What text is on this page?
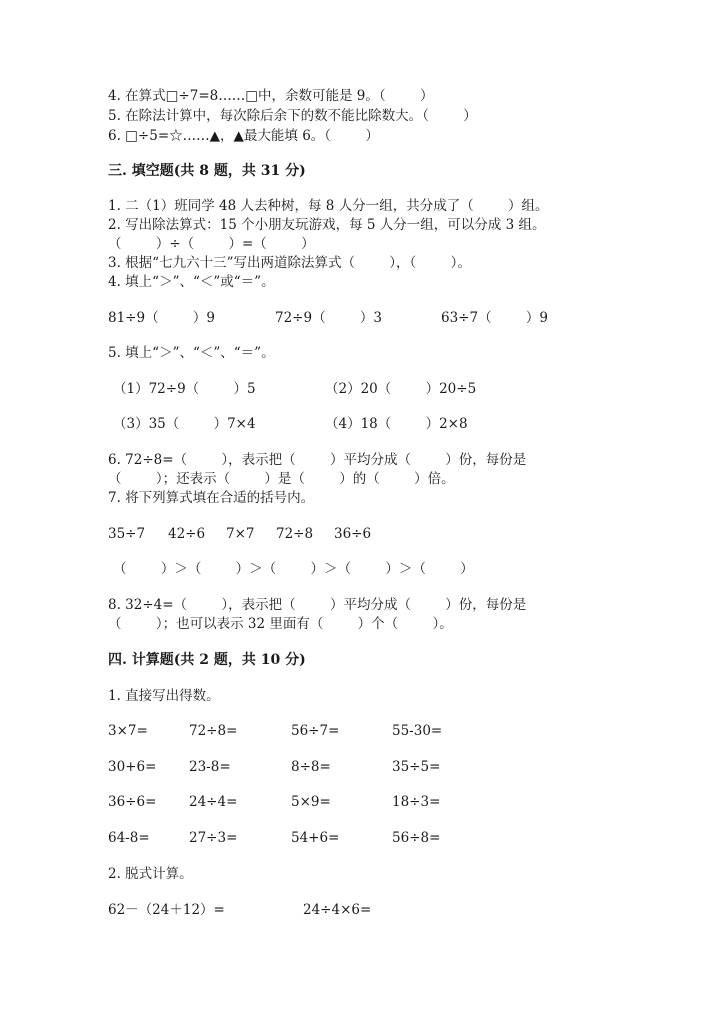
4. 在算式□÷7=8……□中，余数可能是 9。（        ）
5. 在除法计算中，每次除后余下的数不能比除数大。（        ）
6. □÷5=☆……▲，▲最大能填 6。（        ）
三. 填空题(共 8 题，共 31 分)
1. 二（1）班同学 48 人去种树，每 8 人分一组，共分成了（        ）组。
2. 写出除法算式：15 个小朋友玩游戏，每 5 人分一组，可以分成 3 组。
（        ）÷（        ）=（        ）
3. 根据“七九六十三”写出两道除法算式（        ），（        ）。
4. 填上“＞”、“＜”或“＝”。
81÷9（        ）9	72÷9（        ）3	63÷7（        ）9
5. 填上“＞”、“＜”、“＝”。
（1）72÷9（        ）5	（2）20（        ）20÷5
（3）35（        ）7×4	（4）18（        ）2×8
6. 72÷8=（        ），表示把（        ）平均分成（        ）份，每份是
（        ）；还表示（        ）是（        ）的（        ）倍。
7. 将下列算式填在合适的括号内。
35÷7 42÷6 7×7 72÷8 36÷6
（        ）＞（        ）＞（        ）＞（        ）＞（        ）
8. 32÷4=（        ），表示把（        ）平均分成（        ）份，每份是
（        ）；也可以表示 32 里面有（        ）个（        ）。
四. 计算题(共 2 题，共 10 分)
1. 直接写出得数。
3×7=	72÷8=	56÷7=	55-30=
30+6= 23-8=	8÷8=	35÷5=
36÷6= 24÷4=	5×9=	18÷3=
64-8=	27÷3=	54+6=	56÷8=
2. 脱式计算。
62－（24＋12）=	24÷4×6=
